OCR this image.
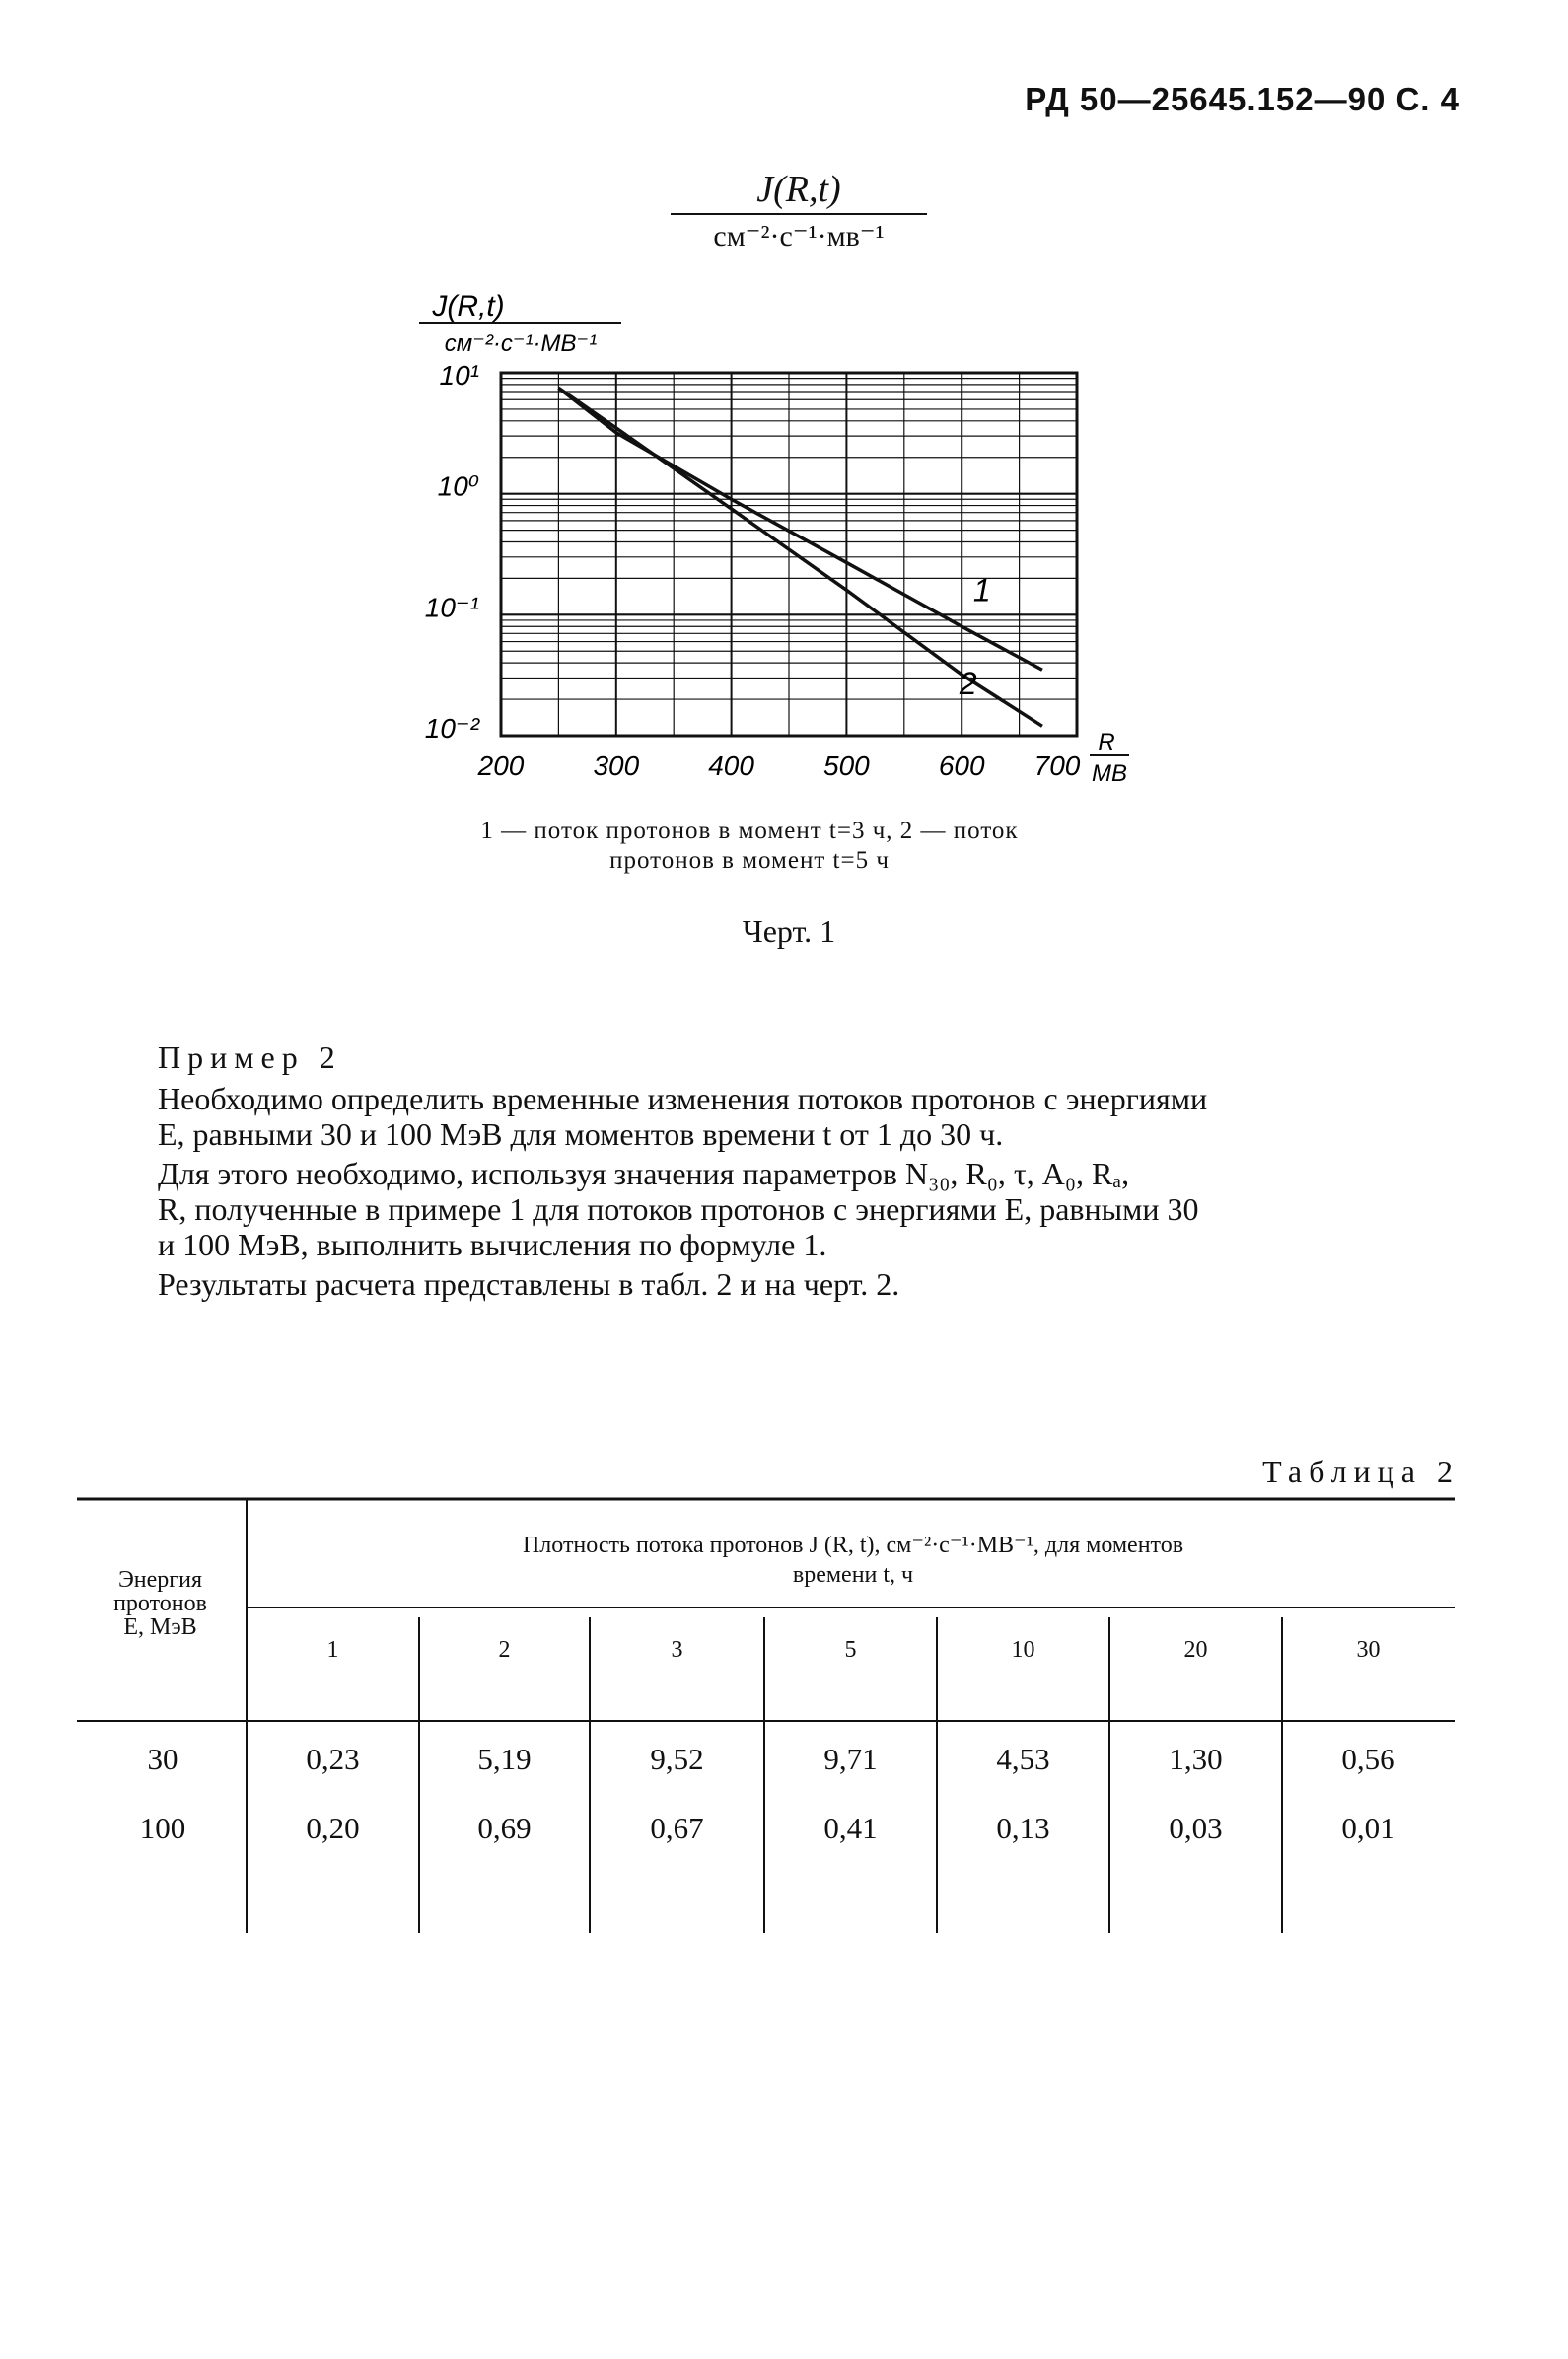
РД 50—25645.152—90 С. 4
J(R,t)
см⁻²·с⁻¹·мв⁻¹
J(R,t)
см⁻²·с⁻¹·МВ⁻¹
10¹
10⁰
10⁻¹
10⁻²
200	300	400	500	600 700
1
2
R
МВ
1 — поток протонов в момент t=3 ч, 2 — поток
протонов в момент t=5 ч
Черт. 1
Пример 2
Необходимо определить временные изменения потоков протонов с энергиями
E, равными 30 и 100 МэВ для моментов времени t от 1 до 30 ч.
Для этого необходимо, используя значения параметров N₃₀, R₀, τ, A₀, Rₐ,
R, полученные в примере 1 для потоков протонов с энергиями E, равными 30
и 100 МэВ, выполнить вычисления по формуле 1.
Результаты расчета представлены в табл. 2 и на черт. 2.
Таблица 2
Энергия
протонов
E, МэВ
Плотность потока протонов J (R, t), см⁻²·с⁻¹·МВ⁻¹, для моментов
времени t, ч
1	2	3	5	10	20	30
30	0,23	5,19	9,52	9,71	4,53	1,30	0,56
100	0,20	0,69	0,67	0,41	0,13	0,03	0,01
